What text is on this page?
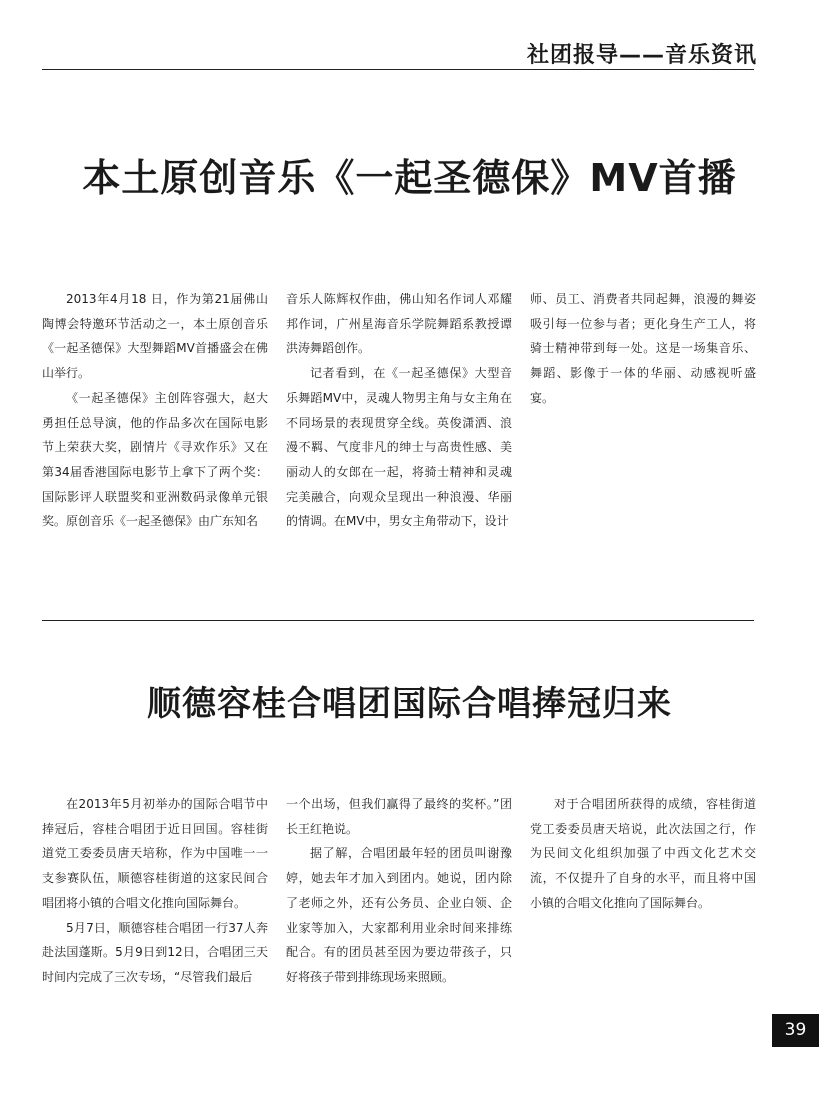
社团报导——音乐资讯
本土原创音乐《一起圣德保》MV首播

2013年4月18 日，作为第21届佛山陶博会特邀环节活动之一，本土原创音乐《一起圣德保》大型舞蹈MV首播盛会在佛山举行。

《一起圣德保》主创阵容强大，赵大勇担任总导演，他的作品多次在国际电影节上荣获大奖，剧情片《寻欢作乐》又在第34届香港国际电影节上拿下了两个奖：国际影评人联盟奖和亚洲数码录像单元银奖。原创音乐《一起圣德保》由广东知名

音乐人陈辉权作曲，佛山知名作词人邓耀邦作词，广州星海音乐学院舞蹈系教授谭洪涛舞蹈创作。

记者看到，在《一起圣德保》大型音乐舞蹈MV中，灵魂人物男主角与女主角在不同场景的表现贯穿全线。英俊潇洒、浪漫不羁、气度非凡的绅士与高贵性感、美丽动人的女郎在一起，将骑士精神和灵魂完美融合，向观众呈现出一种浪漫、华丽的情调。在MV中，男女主角带动下，设计

师、员工、消费者共同起舞，浪漫的舞姿吸引每一位参与者；更化身生产工人，将骑士精神带到每一处。这是一场集音乐、舞蹈、影像于一体的华丽、动感视听盛宴。

顺德容桂合唱团国际合唱捧冠归来

在2013年5月初举办的国际合唱节中捧冠后，容桂合唱团于近日回国。容桂街道党工委委员唐天培称，作为中国唯一一支参赛队伍，顺德容桂街道的这家民间合唱团将小镇的合唱文化推向国际舞台。

5月7日，顺德容桂合唱团一行37人奔赴法国蓬斯。5月9日到12日，合唱团三天时间内完成了三次专场，“尽管我们最后

一个出场，但我们赢得了最终的奖杯。”团长王红艳说。

据了解，合唱团最年轻的团员叫谢豫婷，她去年才加入到团内。她说，团内除了老师之外，还有公务员、企业白领、企业家等加入，大家都利用业余时间来排练配合。有的团员甚至因为要边带孩子，只好将孩子带到排练现场来照顾。

对于合唱团所获得的成绩，容桂街道党工委委员唐天培说，此次法国之行，作为民间文化组织加强了中西文化艺术交流，不仅提升了自身的水平，而且将中国小镇的合唱文化推向了国际舞台。

39
